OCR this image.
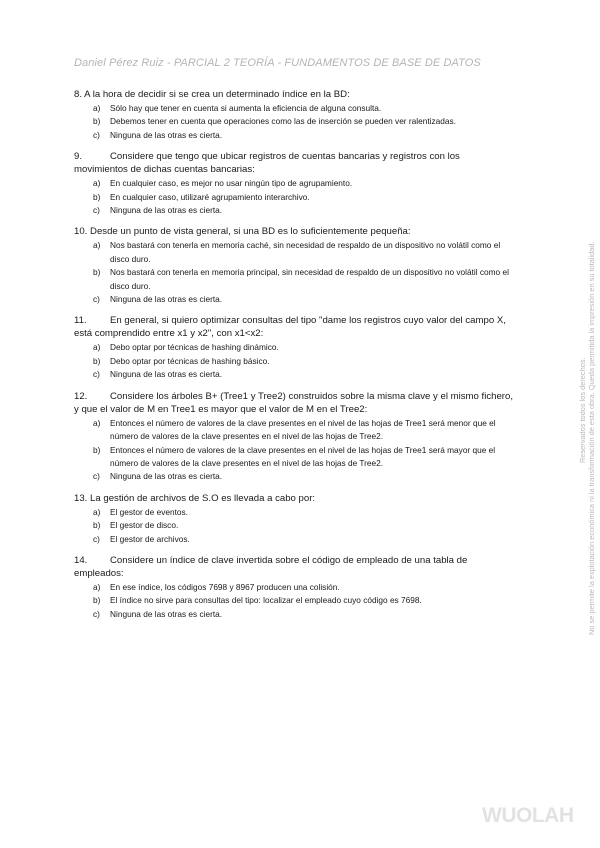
Daniel Pérez Ruiz - PARCIAL 2 TEORÍA - FUNDAMENTOS DE BASE DE DATOS

8. A la hora de decidir si se crea un determinado índice en la BD:

a) Sólo hay que tener en cuenta si aumenta la eficiencia de alguna consulta.
b) Debemos tener en cuenta que operaciones como las de inserción se pueden ver ralentizadas.
c) Ninguna de las otras es cierta.

9.	Considere que tengo que ubicar registros de cuentas bancarias y registros con los movimientos de dichas cuentas bancarias:

a) En cualquier caso, es mejor no usar ningún tipo de agrupamiento.
b) En cualquier caso, utilizaré agrupamiento interarchivo.
c) Ninguna de las otras es cierta.

10. Desde un punto de vista general, si una BD es lo suficientemente pequeña:

a) Nos bastará con tenerla en memoria caché, sin necesidad de respaldo de un dispositivo no volátil como el disco duro.
b) Nos bastará con tenerla en memoria principal, sin necesidad de respaldo de un dispositivo no volátil como el disco duro.
c) Ninguna de las otras es cierta.

11. En general, si quiero optimizar consultas del tipo "dame los registros cuyo valor del campo X, está comprendido entre x1 y x2", con x1<x2:

a) Debo optar por técnicas de hashing dinámico.
b) Debo optar por técnicas de hashing básico.
c) Ninguna de las otras es cierta.

12. Considere los árboles B+ (Tree1 y Tree2) construidos sobre la misma clave y el mismo fichero, y que el valor de M en Tree1 es mayor que el valor de M en el Tree2:

a) Entonces el número de valores de la clave presentes en el nivel de las hojas de Tree1 será menor que el número de valores de la clave presentes en el nivel de las hojas de Tree2.
b) Entonces el número de valores de la clave presentes en el nivel de las hojas de Tree1 será mayor que el número de valores de la clave presentes en el nivel de las hojas de Tree2.
c) Ninguna de las otras es cierta.

13. La gestión de archivos de S.O es llevada a cabo por:

a) El gestor de eventos.
b) El gestor de disco.
c) El gestor de archivos.

14. Considere un índice de clave invertida sobre el código de empleado de una tabla de empleados:

a) En ese índice, los códigos 7698 y 8967 producen una colisión.
b) El índice no sirve para consultas del tipo: localizar el empleado cuyo código es 7698.
c) Ninguna de las otras es cierta.
Reservados todos los derechos. No se permite la explotación económica ni la transformación de esta obra. Queda permitida la impresión en su totalidad.
WUOLAH
